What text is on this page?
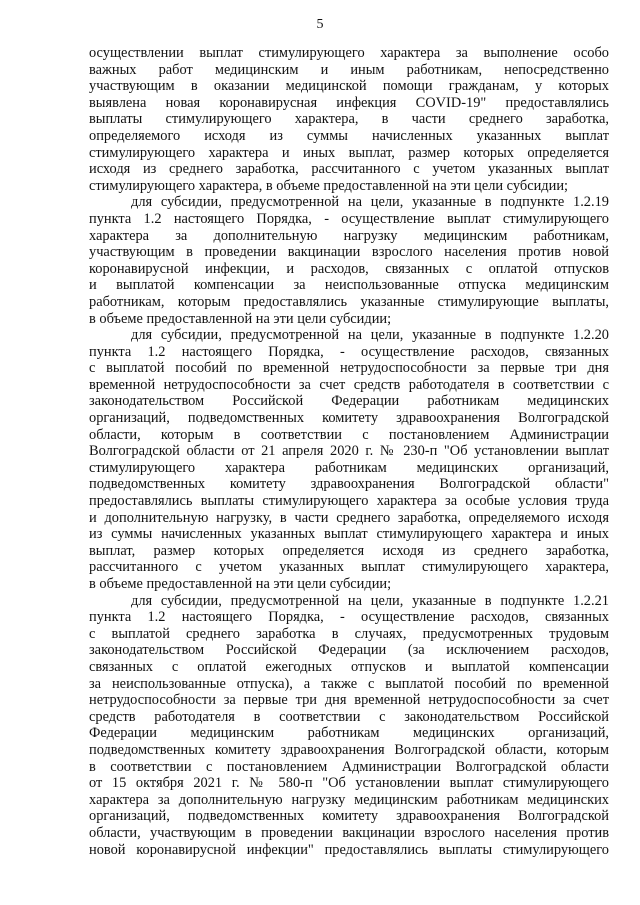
5
осуществлении выплат стимулирующего характера за выполнение особо
важных работ медицинским и иным работникам, непосредственно
участвующим в оказании медицинской помощи гражданам, у которых
выявлена новая коронавирусная инфекция COVID-19" предоставлялись
выплаты стимулирующего характера, в части среднего заработка,
определяемого исходя из суммы начисленных указанных выплат
стимулирующего характера и иных выплат, размер которых определяется
исходя из среднего заработка, рассчитанного с учетом указанных выплат
стимулирующего характера, в объеме предоставленной на эти цели субсидии;
для субсидии, предусмотренной на цели, указанные в подпункте 1.2.19
пункта 1.2 настоящего Порядка, - осуществление выплат стимулирующего
характера за дополнительную нагрузку медицинским работникам,
участвующим в проведении вакцинации взрослого населения против новой
коронавирусной инфекции, и расходов, связанных с оплатой отпусков
и выплатой компенсации за неиспользованные отпуска медицинским
работникам, которым предоставлялись указанные стимулирующие выплаты,
в объеме предоставленной на эти цели субсидии;
для субсидии, предусмотренной на цели, указанные в подпункте 1.2.20
пункта 1.2 настоящего Порядка, - осуществление расходов, связанных
с выплатой пособий по временной нетрудоспособности за первые три дня
временной нетрудоспособности за счет средств работодателя в соответствии с
законодательством Российской Федерации работникам медицинских
организаций, подведомственных комитету здравоохранения Волгоградской
области, которым в соответствии с постановлением Администрации
Волгоградской области от 21 апреля 2020 г. № 230-п "Об установлении выплат
стимулирующего характера работникам медицинских организаций,
подведомственных комитету здравоохранения Волгоградской области"
предоставлялись выплаты стимулирующего характера за особые условия труда
и дополнительную нагрузку, в части среднего заработка, определяемого исходя
из суммы начисленных указанных выплат стимулирующего характера и иных
выплат, размер которых определяется исходя из среднего заработка,
рассчитанного с учетом указанных выплат стимулирующего характера,
в объеме предоставленной на эти цели субсидии;
для субсидии, предусмотренной на цели, указанные в подпункте 1.2.21
пункта 1.2 настоящего Порядка, - осуществление расходов, связанных
с выплатой среднего заработка в случаях, предусмотренных трудовым
законодательством Российской Федерации (за исключением расходов,
связанных с оплатой ежегодных отпусков и выплатой компенсации
за неиспользованные отпуска), а также с выплатой пособий по временной
нетрудоспособности за первые три дня временной нетрудоспособности за счет
средств работодателя в соответствии с законодательством Российской
Федерации медицинским работникам медицинских организаций,
подведомственных комитету здравоохранения Волгоградской области, которым
в соответствии с постановлением Администрации Волгоградской области
от 15 октября 2021 г. № 580-п "Об установлении выплат стимулирующего
характера за дополнительную нагрузку медицинским работникам медицинских
организаций, подведомственных комитету здравоохранения Волгоградской
области, участвующим в проведении вакцинации взрослого населения против
новой коронавирусной инфекции" предоставлялись выплаты стимулирующего
